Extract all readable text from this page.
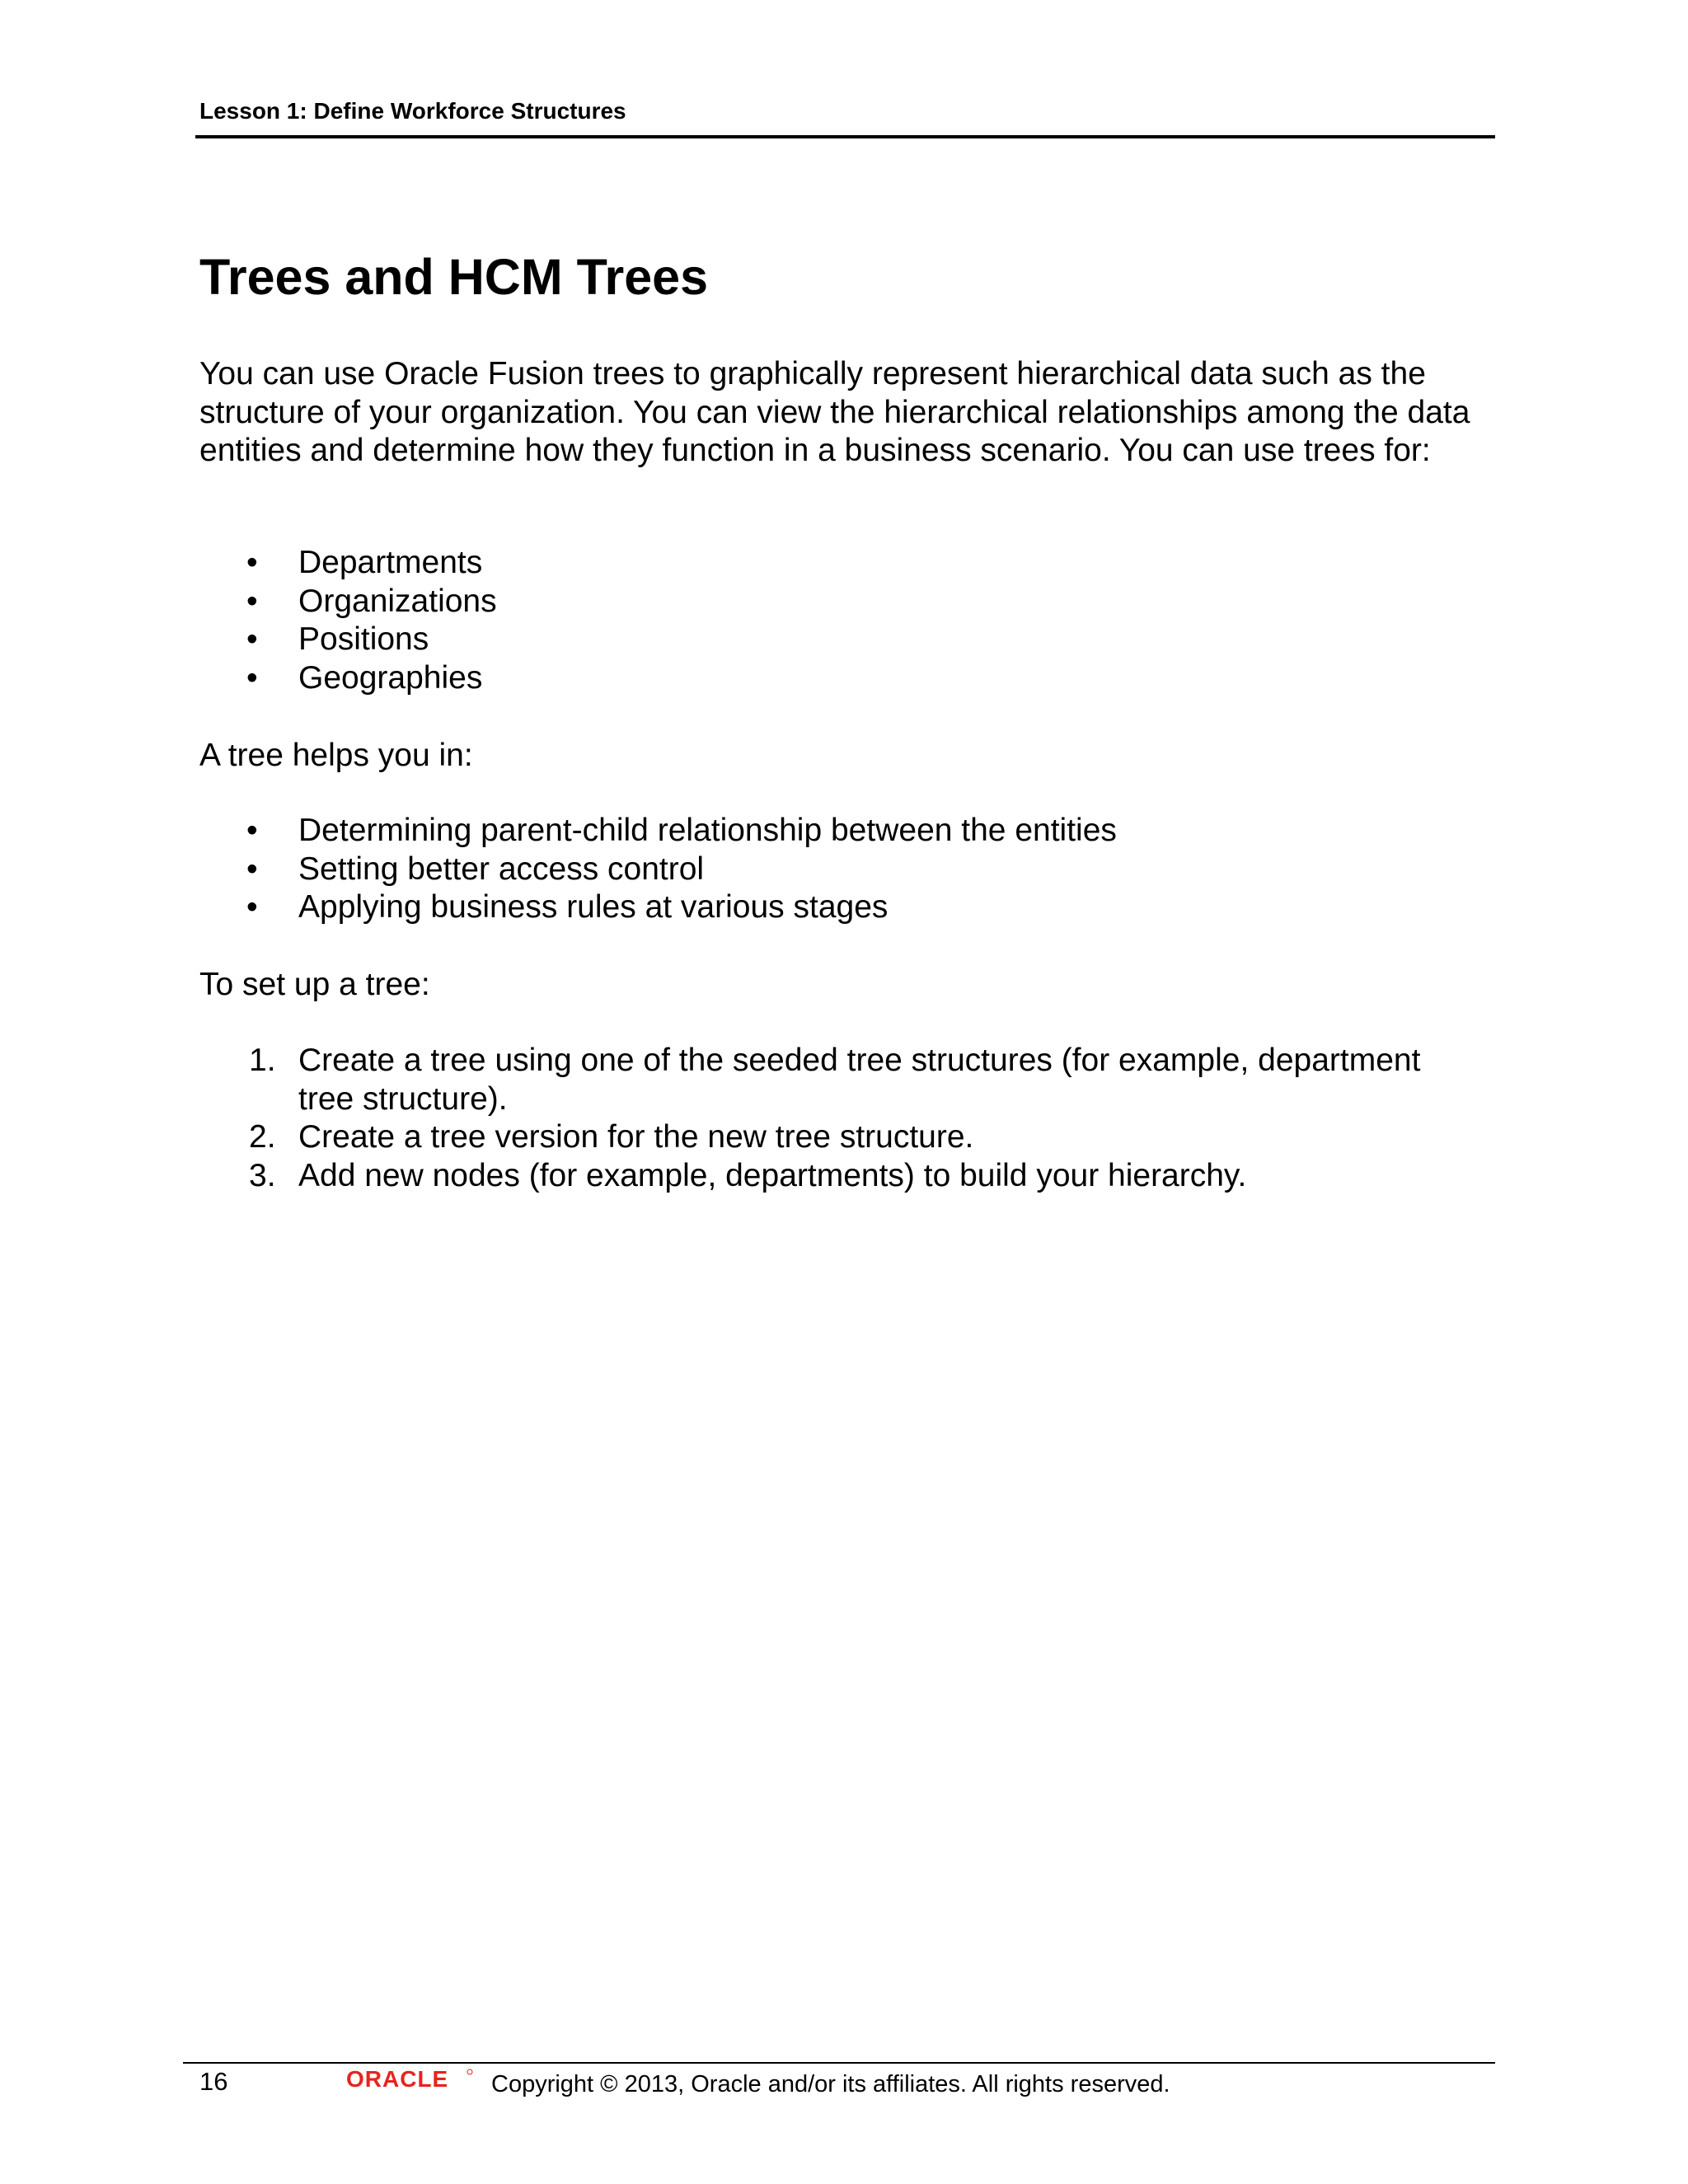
Lesson 1: Define Workforce Structures
Trees and HCM Trees

You can use Oracle Fusion trees to graphically represent hierarchical data such as the structure of your organization. You can view the hierarchical relationships among the data entities and determine how they function in a business scenario. You can use trees for:

•	Departments
•	Organizations
•	Positions
•	Geographies

A tree helps you in:

•	Determining parent-child relationship between the entities
•	Setting better access control
•	Applying business rules at various stages

To set up a tree:

1. Create a tree using one of the seeded tree structures (for example, department tree structure).
2. Create a tree version for the new tree structure.
3. Add new nodes (for example, departments) to build your hierarchy.
16	ORACLE Copyright © 2013, Oracle and/or its affiliates. All rights reserved.
